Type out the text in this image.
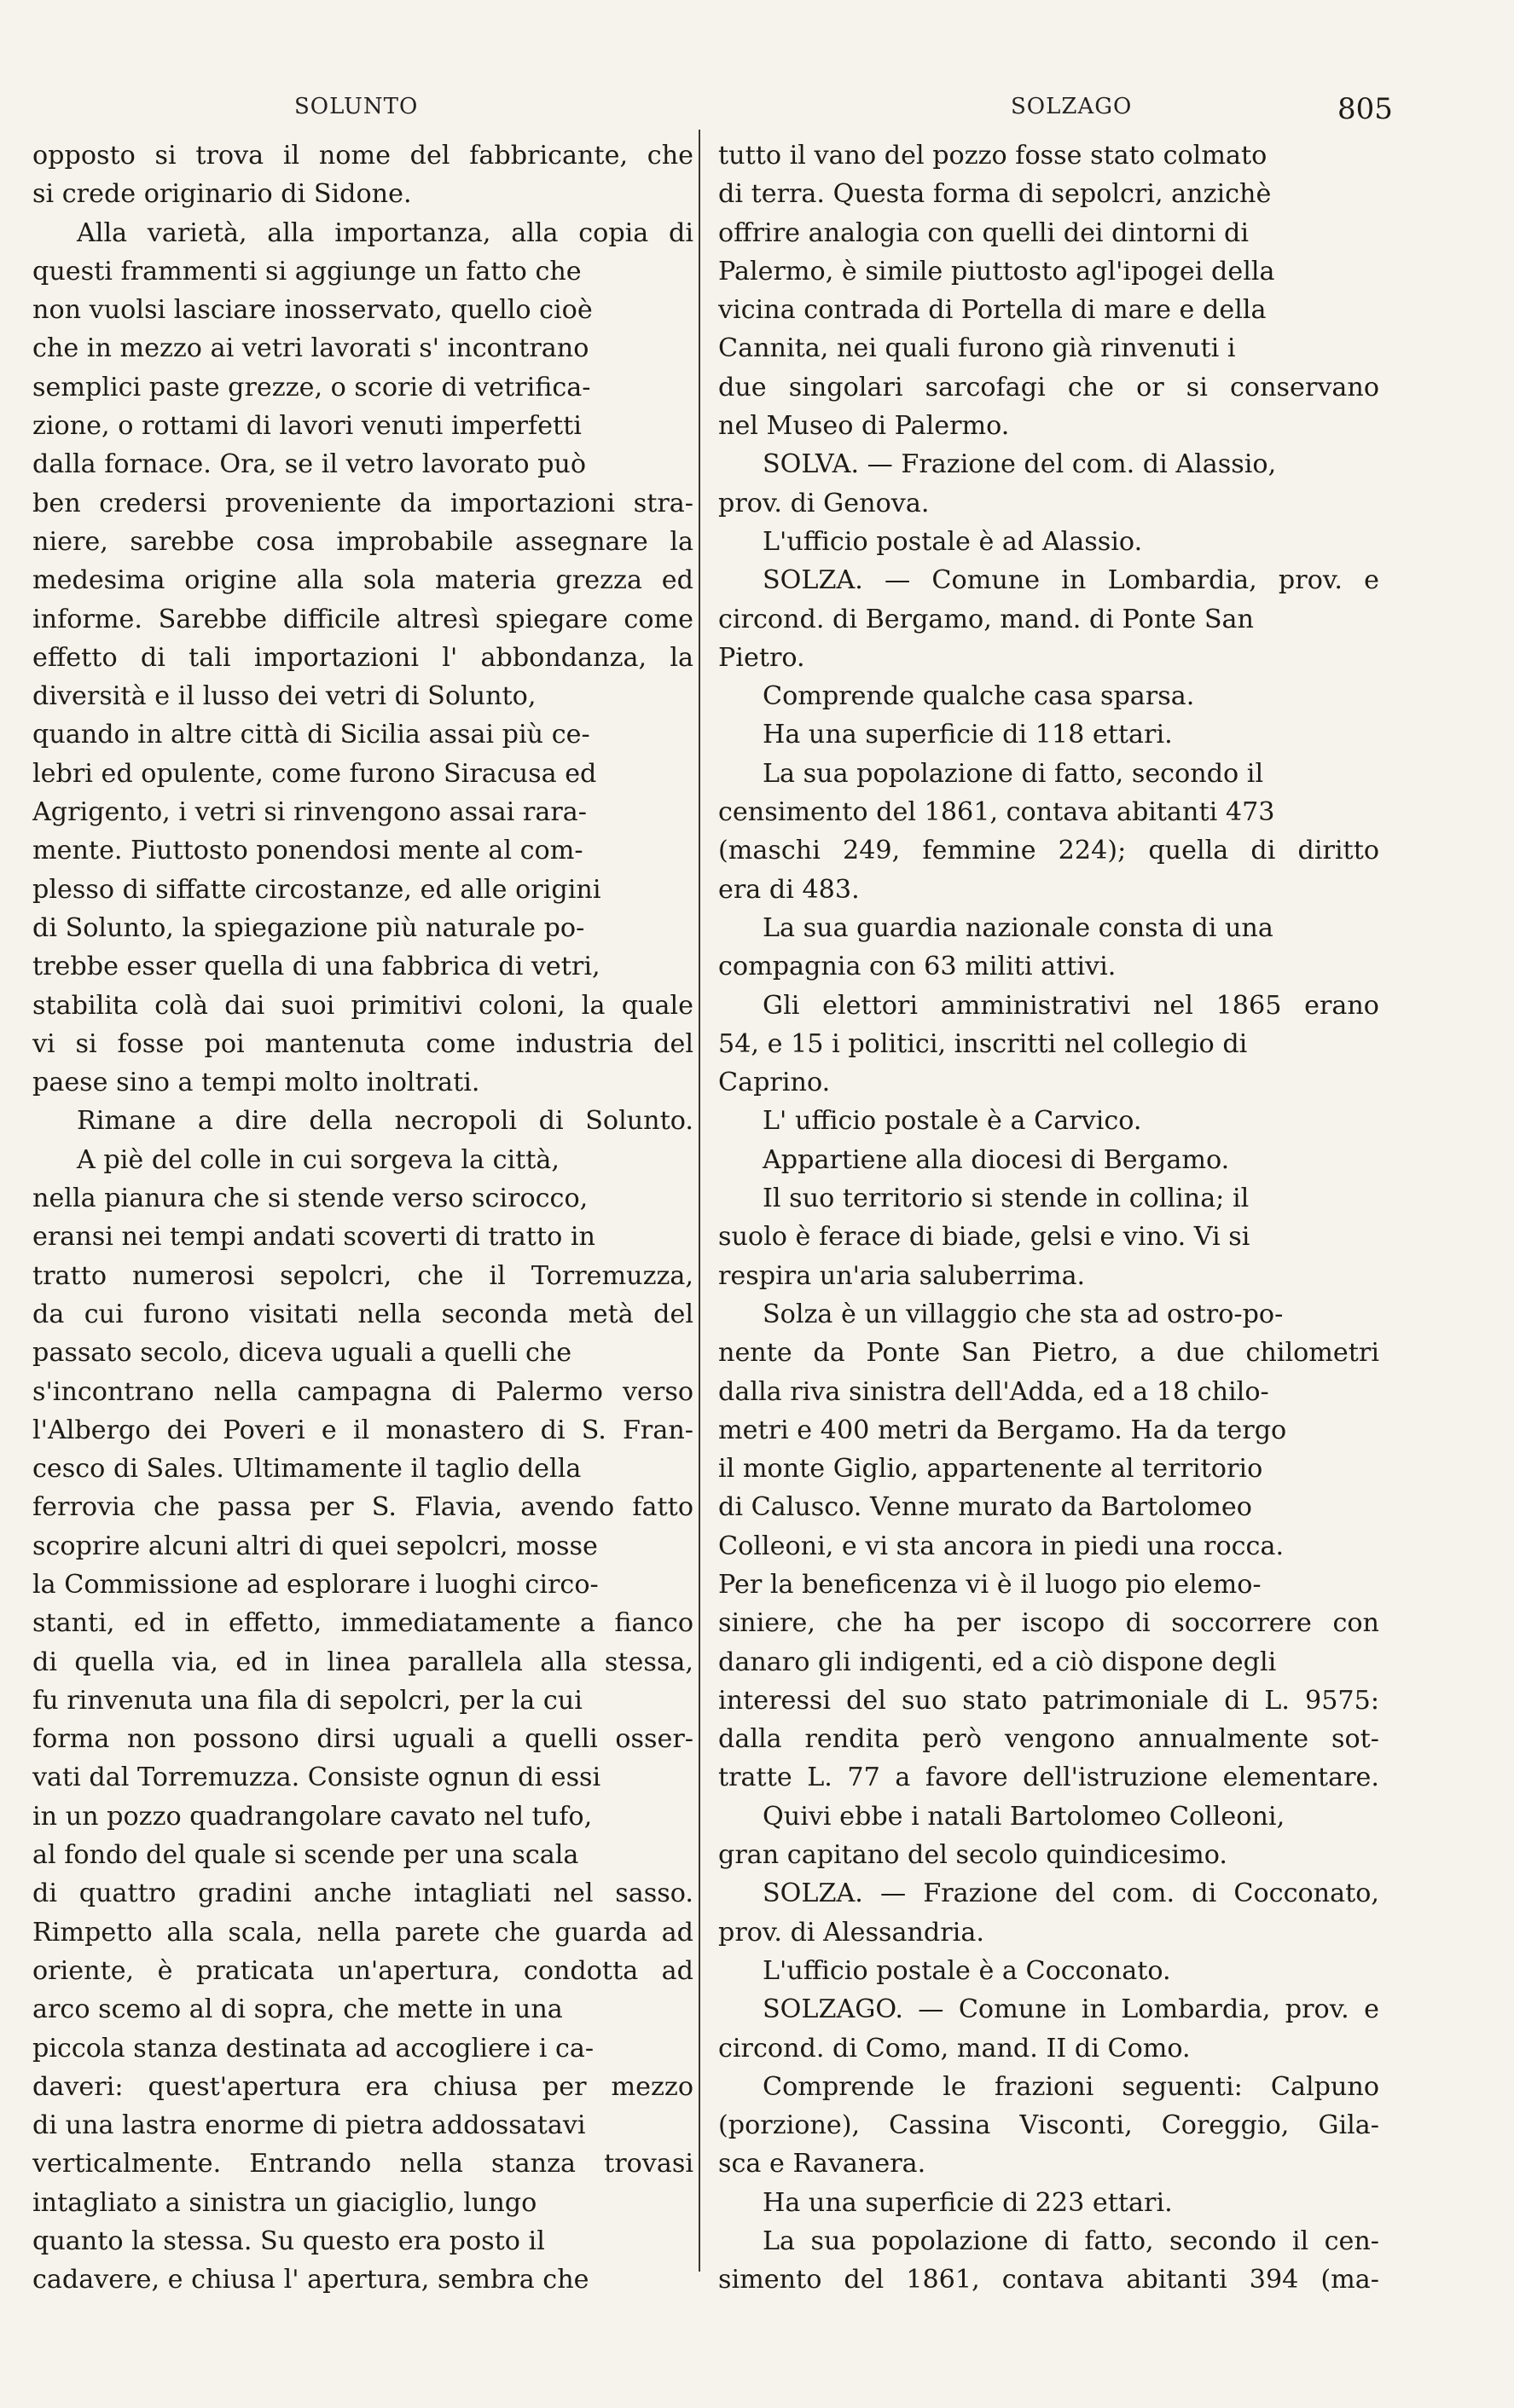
SOLUNTO	SOLZAGO	805
opposto si trova il nome del fabbricante, che
si crede originario di Sidone.
Alla varietà, alla importanza, alla copia di
questi frammenti si aggiunge un fatto che
non vuolsi lasciare inosservato, quello cioè
che in mezzo ai vetri lavorati s' incontrano
semplici paste grezze, o scorie di vetrifica-
zione, o rottami di lavori venuti imperfetti
dalla fornace. Ora, se il vetro lavorato può
ben credersi proveniente da importazioni stra-
niere, sarebbe cosa improbabile assegnare la
medesima origine alla sola materia grezza ed
informe. Sarebbe difficile altresì spiegare come
effetto di tali importazioni l' abbondanza, la
diversità e il lusso dei vetri di Solunto,
quando in altre città di Sicilia assai più ce-
lebri ed opulente, come furono Siracusa ed
Agrigento, i vetri si rinvengono assai rara-
mente. Piuttosto ponendosi mente al com-
plesso di siffatte circostanze, ed alle origini
di Solunto, la spiegazione più naturale po-
trebbe esser quella di una fabbrica di vetri,
stabilita colà dai suoi primitivi coloni, la quale
vi si fosse poi mantenuta come industria del
paese sino a tempi molto inoltrati.
Rimane a dire della necropoli di Solunto.
A piè del colle in cui sorgeva la città,
nella pianura che si stende verso scirocco,
eransi nei tempi andati scoverti di tratto in
tratto numerosi sepolcri, che il Torremuzza,
da cui furono visitati nella seconda metà del
passato secolo, diceva uguali a quelli che
s'incontrano nella campagna di Palermo verso
l'Albergo dei Poveri e il monastero di S. Fran-
cesco di Sales. Ultimamente il taglio della
ferrovia che passa per S. Flavia, avendo fatto
scoprire alcuni altri di quei sepolcri, mosse
la Commissione ad esplorare i luoghi circo-
stanti, ed in effetto, immediatamente a fianco
di quella via, ed in linea parallela alla stessa,
fu rinvenuta una fila di sepolcri, per la cui
forma non possono dirsi uguali a quelli osser-
vati dal Torremuzza. Consiste ognun di essi
in un pozzo quadrangolare cavato nel tufo,
al fondo del quale si scende per una scala
di quattro gradini anche intagliati nel sasso.
Rimpetto alla scala, nella parete che guarda ad
oriente, è praticata un'apertura, condotta ad
arco scemo al di sopra, che mette in una
piccola stanza destinata ad accogliere i ca-
daveri: quest'apertura era chiusa per mezzo
di una lastra enorme di pietra addossatavi
verticalmente. Entrando nella stanza trovasi
intagliato a sinistra un giaciglio, lungo
quanto la stessa. Su questo era posto il
cadavere, e chiusa l' apertura, sembra che
tutto il vano del pozzo fosse stato colmato
di terra. Questa forma di sepolcri, anzichè
offrire analogia con quelli dei dintorni di
Palermo, è simile piuttosto agl'ipogei della
vicina contrada di Portella di mare e della
Cannita, nei quali furono già rinvenuti i
due singolari sarcofagi che or si conservano
nel Museo di Palermo.
SOLVA. — Frazione del com. di Alassio,
prov. di Genova.
L'ufficio postale è ad Alassio.
SOLZA. — Comune in Lombardia, prov. e
circond. di Bergamo, mand. di Ponte San
Pietro.
Comprende qualche casa sparsa.
Ha una superficie di 118 ettari.
La sua popolazione di fatto, secondo il
censimento del 1861, contava abitanti 473
(maschi 249, femmine 224); quella di diritto
era di 483.
La sua guardia nazionale consta di una
compagnia con 63 militi attivi.
Gli elettori amministrativi nel 1865 erano
54, e 15 i politici, inscritti nel collegio di
Caprino.
L' ufficio postale è a Carvico.
Appartiene alla diocesi di Bergamo.
Il suo territorio si stende in collina; il
suolo è ferace di biade, gelsi e vino. Vi si
respira un'aria saluberrima.
Solza è un villaggio che sta ad ostro-po-
nente da Ponte San Pietro, a due chilometri
dalla riva sinistra dell'Adda, ed a 18 chilo-
metri e 400 metri da Bergamo. Ha da tergo
il monte Giglio, appartenente al territorio
di Calusco. Venne murato da Bartolomeo
Colleoni, e vi sta ancora in piedi una rocca.
Per la beneficenza vi è il luogo pio elemo-
siniere, che ha per iscopo di soccorrere con
danaro gli indigenti, ed a ciò dispone degli
interessi del suo stato patrimoniale di L. 9575:
dalla rendita però vengono annualmente sot-
tratte L. 77 a favore dell'istruzione elementare.
Quivi ebbe i natali Bartolomeo Colleoni,
gran capitano del secolo quindicesimo.
SOLZA. — Frazione del com. di Cocconato,
prov. di Alessandria.
L'ufficio postale è a Cocconato.
SOLZAGO. — Comune in Lombardia, prov. e
circond. di Como, mand. II di Como.
Comprende le frazioni seguenti: Calpuno
(porzione), Cassina Visconti, Coreggio, Gila-
sca e Ravanera.
Ha una superficie di 223 ettari.
La sua popolazione di fatto, secondo il cen-
simento del 1861, contava abitanti 394 (ma-
